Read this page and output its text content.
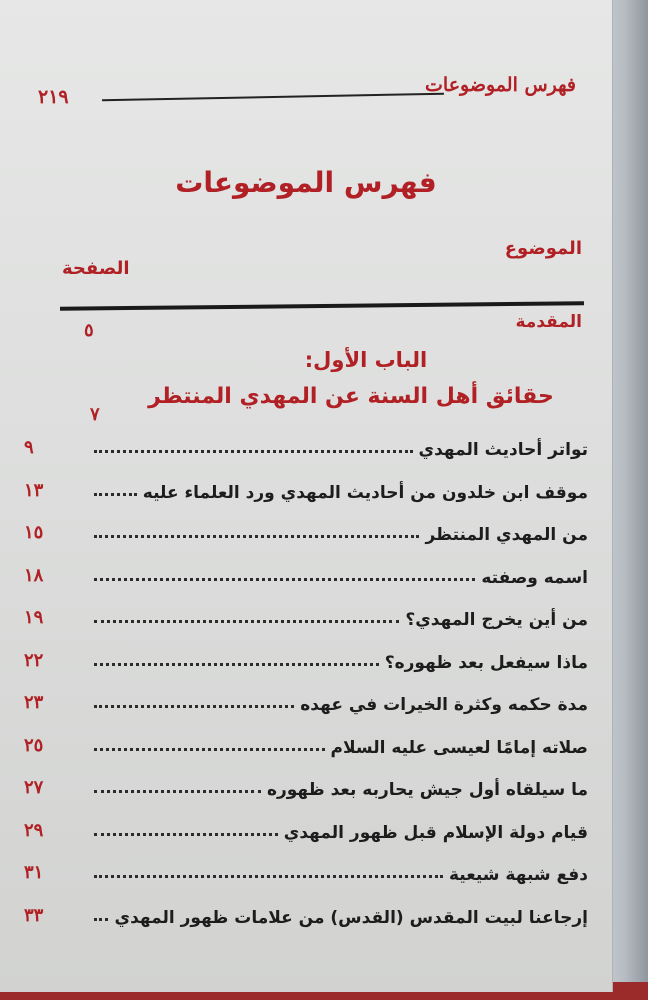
فهرس الموضوعات
٢١٩
فهرس الموضوعات
الموضوع
الصفحة
المقدمة
٥
الباب الأول:
حقائق أهل السنة عن المهدي المنتظر
٧
تواتر أحاديث المهدي
٩
موقف ابن خلدون من أحاديث المهدي ورد العلماء عليه
١٣
من المهدي المنتظر
١٥
اسمه وصفته
١٨
من أين يخرج المهدي؟
١٩
ماذا سيفعل بعد ظهوره؟
٢٢
مدة حكمه وكثرة الخيرات في عهده
٢٣
صلاته إمامًا لعيسى عليه السلام
٢٥
ما سيلقاه أول جيش يحاربه بعد ظهوره
٢٧
قيام دولة الإسلام قبل ظهور المهدي
٢٩
دفع شبهة شيعية
٣١
إرجاعنا لبيت المقدس (القدس) من علامات ظهور المهدي
٣٣
